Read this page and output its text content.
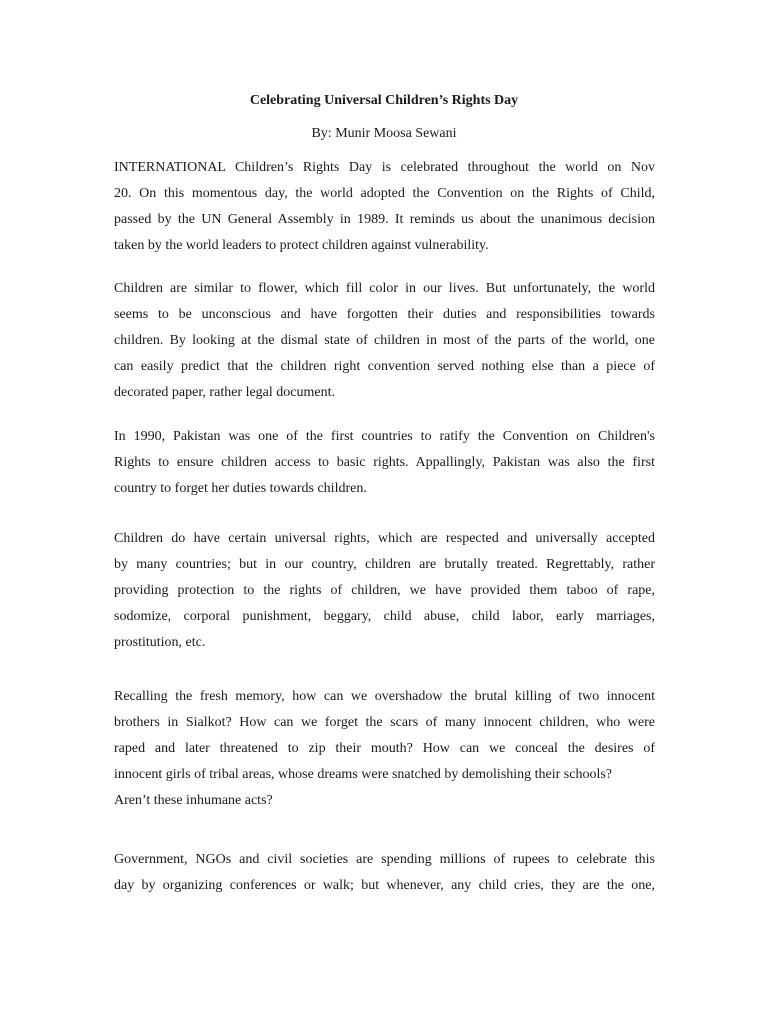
Celebrating Universal Children’s Rights Day
By: Munir Moosa Sewani
INTERNATIONAL Children’s Rights Day is celebrated throughout the world on Nov
20. On this momentous day, the world adopted the Convention on the Rights of Child,
passed by the UN General Assembly in 1989. It reminds us about the unanimous decision
taken by the world leaders to protect children against vulnerability.
Children are similar to flower, which fill color in our lives. But unfortunately, the world
seems to be unconscious and have forgotten their duties and responsibilities towards
children. By looking at the dismal state of children in most of the parts of the world, one
can easily predict that the children right convention served nothing else than a piece of
decorated paper, rather legal document.
In 1990, Pakistan was one of the first countries to ratify the Convention on Children's
Rights to ensure children access to basic rights. Appallingly, Pakistan was also the first
country to forget her duties towards children.
Children do have certain universal rights, which are respected and universally accepted
by many countries; but in our country, children are brutally treated. Regrettably, rather
providing protection to the rights of children, we have provided them taboo of rape,
sodomize, corporal punishment, beggary, child abuse, child labor, early marriages,
prostitution, etc.
Recalling the fresh memory, how can we overshadow the brutal killing of two innocent
brothers in Sialkot? How can we forget the scars of many innocent children, who were
raped and later threatened to zip their mouth? How can we conceal the desires of
innocent girls of tribal areas, whose dreams were snatched by demolishing their schools?
Aren’t these inhumane acts?
Government, NGOs and civil societies are spending millions of rupees to celebrate this
day by organizing conferences or walk; but whenever, any child cries, they are the one,
